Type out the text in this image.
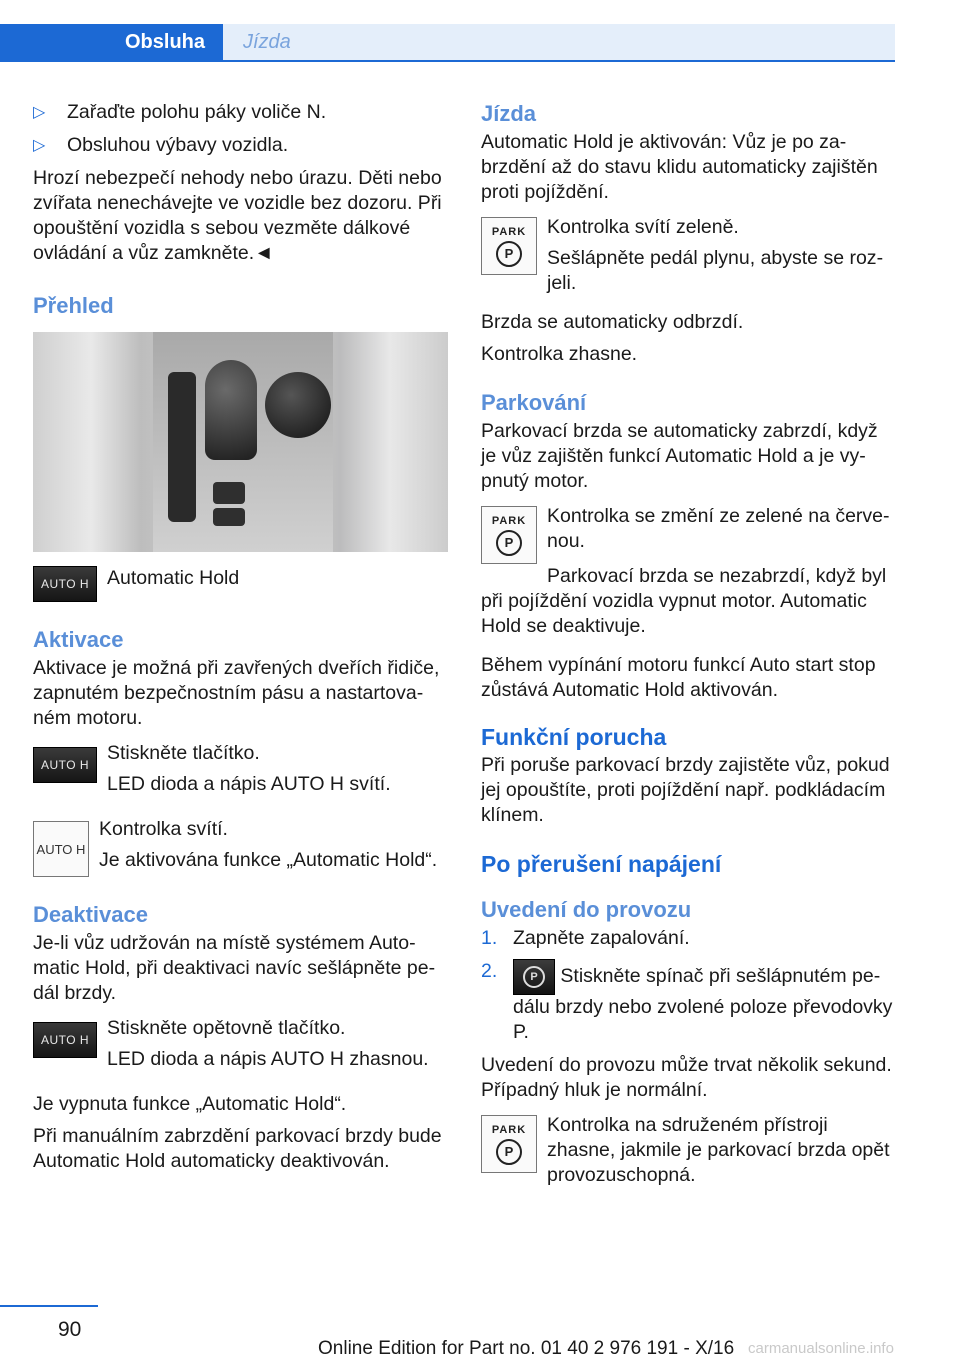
Obsluha	Jízda
▷	Zařaďte polohu páky voliče N.
▷	Obsluhou výbavy vozidla.

Hrozí nebezpečí nehody nebo úrazu. Děti nebo zvířata nenechávejte ve vozidle bez dozoru. Při opouštění vozidla s sebou vezměte dálkové ovládání a vůz zamkněte.◄

Přehled
AUTO H Automatic Hold

Aktivace

Aktivace je možná při zavřených dveřích řidiče, zapnutém bezpečnostním pásu a nastartovaném motoru.

AUTO H

Stiskněte tlačítko.

LED dioda a nápis AUTO H svítí.

AUTO H

Kontrolka svítí.

Je aktivována funkce „Automatic Hold“.

Deaktivace

Je-li vůz udržován na místě systémem Automatic Hold, při deaktivaci navíc sešlápněte pedál brzdy.

AUTO H

Stiskněte opětovně tlačítko.

LED dioda a nápis AUTO H zhasnou.

Je vypnuta funkce „Automatic Hold“.

Při manuálním zabrzdění parkovací brzdy bude Automatic Hold automaticky deaktivován.

Jízda

Automatic Hold je aktivován: Vůz je po zabrzdění až do stavu klidu automaticky zajištěn proti pojíždění.

PARK
P

Kontrolka svítí zeleně.

Sešlápněte pedál plynu, abyste se rozjeli.

Brzda se automaticky odbrzdí.

Kontrolka zhasne.

Parkování

Parkovací brzda se automaticky zabrzdí, když je vůz zajištěn funkcí Automatic Hold a je vypnutý motor.

PARK
P

Kontrolka se změní ze zelené na červenou.

Parkovací brzda se nezabrzdí, když byl při pojíždění vozidla vypnut motor. Automatic Hold se deaktivuje.

Během vypínání motoru funkcí Auto start stop zůstává Automatic Hold aktivován.

Funkční porucha

Při poruše parkovací brzdy zajistěte vůz, pokud jej opouštíte, proti pojíždění např. podkládacím klínem.

Po přerušení napájení
Uvedení do provozu
1. Zapněte zapalování.
2.	P	Stiskněte spínač při sešlápnutém pedálu brzdy nebo zvolené poloze převodovky P.

Uvedení do provozu může trvat několik sekund. Případný hluk je normální.

PARK
P

Kontrolka na sdruženém přístroji zhasne, jakmile je parkovací brzda opět provozuschopná.

90
Online Edition for Part no. 01 40 2 976 191 - X/16 carmanualsonline.info
